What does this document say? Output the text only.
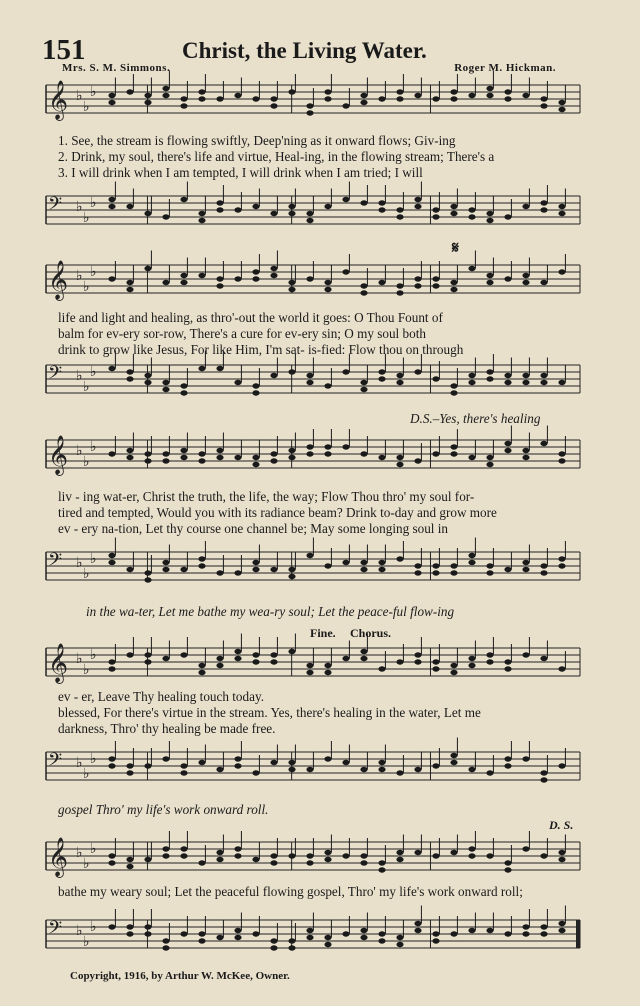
151	Christ, the Living Water.
Mrs. S. M. Simmons.	Roger M. Hickman.
𝄞 ♭
♭
♭
1. See, the stream is flowing swiftly, Deep'ning as it onward flows; Giv-ing
2. Drink, my soul, there's life and virtue, Heal-ing, in the flowing stream; There's a
3. I will drink when I am tempted, I will drink when I am tried; I will
𝄢 ♭
♭
♭
𝄋
𝄞 ♭
♭
♭
life and light and healing, as thro'-out the world it goes: O Thou Fount of
balm for ev-ery sor-row, There's a cure for ev-ery sin; O my soul both
drink to grow like Jesus, For like Him, I'm sat- is-fied: Flow thou on through
𝄢 ♭
♭
♭
D.S.–Yes, there's healing
𝄞 ♭
♭
♭
liv - ing wat-er, Christ the truth, the life, the way; Flow Thou thro' my soul for-
tired and tempted, Would you with its radiance beam? Drink to-day and grow more
ev - ery na-tion, Let thy course one channel be; May some longing soul in
𝄢 ♭
♭
♭
in the wa-ter, Let me bathe my wea-ry soul; Let the peace-ful flow-ing
Fine. Chorus.
𝄞 ♭
♭
♭
ev - er, Leave Thy healing touch today.
blessed, For there's virtue in the stream. Yes, there's healing in the water, Let me
darkness, Thro' thy healing be made free.
𝄢 ♭
♭
♭
gospel Thro' my life's work onward roll.
D. S.
𝄞 ♭
♭
♭
bathe my weary soul; Let the peaceful flowing gospel, Thro' my life's work onward roll;
𝄢 ♭
♭
♭
Copyright, 1916, by Arthur W. McKee, Owner.
